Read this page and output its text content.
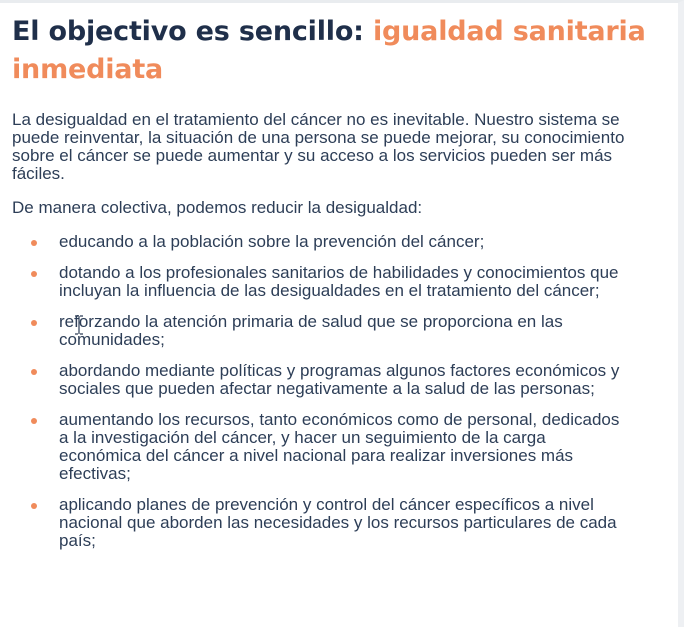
El objectivo es sencillo: igualdad sanitaria inmediata

La desigualdad en el tratamiento del cáncer no es inevitable. Nuestro sistema se puede reinventar, la situación de una persona se puede mejorar, su conocimiento sobre el cáncer se puede aumentar y su acceso a los servicios pueden ser más fáciles.

De manera colectiva, podemos reducir la desigualdad:

educando a la población sobre la prevención del cáncer;
dotando a los profesionales sanitarios de habilidades y conocimientos que incluyan la influencia de las desigualdades en el tratamiento del cáncer;
reforzando la atención primaria de salud que se proporciona en las comunidades;
abordando mediante políticas y programas algunos factores económicos y sociales que pueden afectar negativamente a la salud de las personas;
aumentando los recursos, tanto económicos como de personal, dedicados a la investigación del cáncer, y hacer un seguimiento de la carga económica del cáncer a nivel nacional para realizar inversiones más efectivas;
aplicando planes de prevención y control del cáncer específicos a nivel nacional que aborden las necesidades y los recursos particulares de cada país;
